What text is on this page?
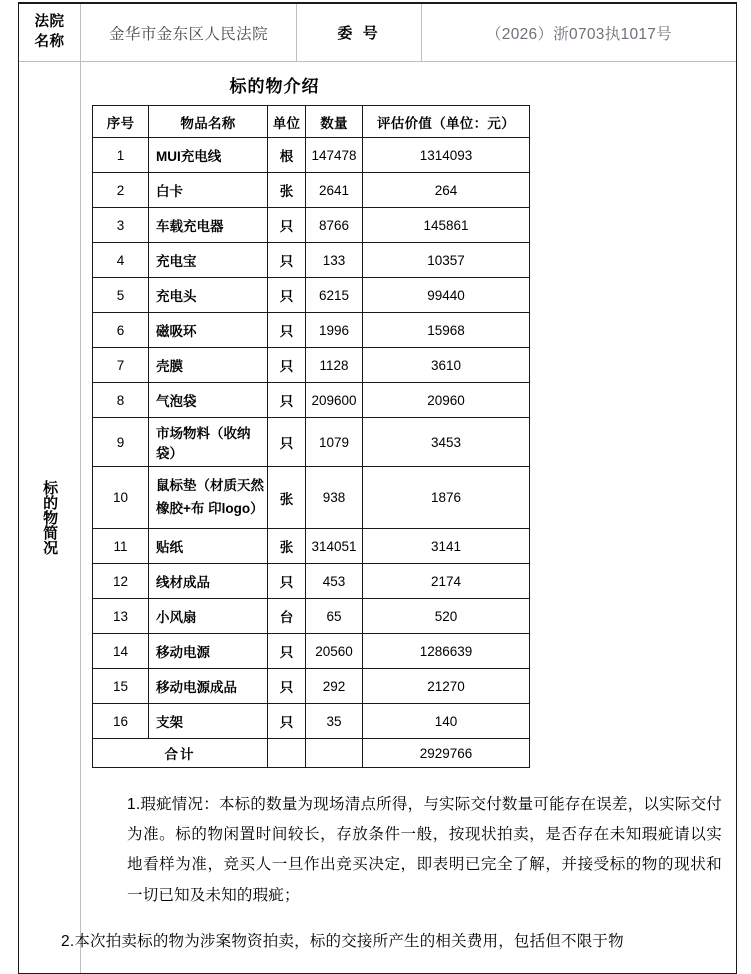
法院
名称	金华市金东区人民法院	委 号	（2026）浙0703执1017号
标的物简况
标的物介绍
序号	物品名称	单位	数量	评估价值（单位：元）
1	MUI充电线	根	147478	1314093
2	白卡	张	2641	264
3	车载充电器	只	8766	145861
4	充电宝	只	133	10357
5	充电头	只	6215	99440
6	磁吸环	只	1996	15968
7	壳膜	只	1128	3610
8	气泡袋	只	209600	20960
9	市场物料（收纳袋）	只	1079	3453
10	鼠标垫（材质天然橡胶+布 印logo）	张	938	1876
11	贴纸	张	314051	3141
12	线材成品	只	453	2174
13	小风扇	台	65	520
14	移动电源	只	20560	1286639
15	移动电源成品	只	292	21270
16	支架	只	35	140
合计				2929766

1.瑕疵情况：本标的数量为现场清点所得，与实际交付数量可能存在误差，以实际交付为准。标的物闲置时间较长，存放条件一般，按现状拍卖，是否存在未知瑕疵请以实地看样为准，竞买人一旦作出竞买决定，即表明已完全了解，并接受标的物的现状和一切已知及未知的瑕疵；

2.本次拍卖标的物为涉案物资拍卖，标的交接所产生的相关费用，包括但不限于物
